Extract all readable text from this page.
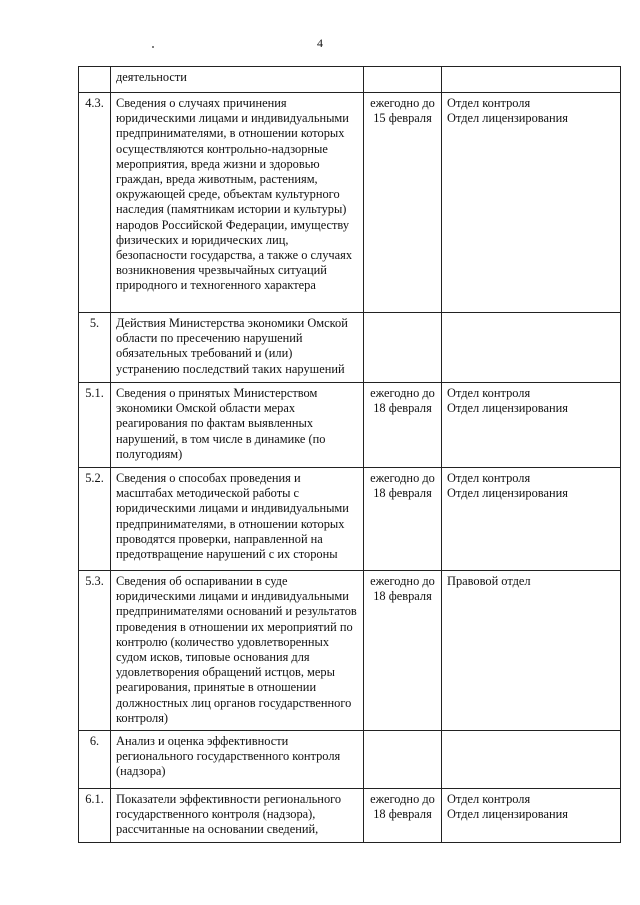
4
	деятельности		
4.3.	Сведения о случаях причинения юридическими лицами и индивидуальными предпринимателями, в отношении которых осуществляются контрольно-надзорные мероприятия, вреда жизни и здоровью граждан, вреда животным, растениям, окружающей среде, объектам культурного наследия (памятникам истории и культуры) народов Российской Федерации, имуществу физических и юридических лиц, безопасности государства, а также о случаях возникновения чрезвычайных ситуаций природного и техногенного характера	ежегодно до 15 февраля	Отдел контроля
Отдел лицензирования

5.	Действия Министерства экономики Омской области по пресечению нарушений обязательных требований и (или) устранению последствий таких нарушений		
5.1.	Сведения о принятых Министерством экономики Омской области мерах реагирования по фактам выявленных нарушений, в том числе в динамике (по полугодиям)	ежегодно до 18 февраля	Отдел контроля
Отдел лицензирования

5.2.	Сведения о способах проведения и масштабах методической работы с юридическими лицами и индивидуальными предпринимателями, в отношении которых проводятся проверки, направленной на предотвращение нарушений с их стороны	ежегодно до 18 февраля	Отдел контроля
Отдел лицензирования

5.3.	Сведения об оспаривании в суде юридическими лицами и индивидуальными предпринимателями оснований и результатов проведения в отношении их мероприятий по контролю (количество удовлетворенных судом исков, типовые основания для удовлетворения обращений истцов, меры реагирования, принятые в отношении должностных лиц органов государственного контроля)	ежегодно до 18 февраля	Правовой отдел

6.	Анализ и оценка эффективности регионального государственного контроля (надзора)		
6.1.	Показатели эффективности регионального государственного контроля (надзора), рассчитанные на основании сведений,	ежегодно до 18 февраля	Отдел контроля
Отдел лицензирования
